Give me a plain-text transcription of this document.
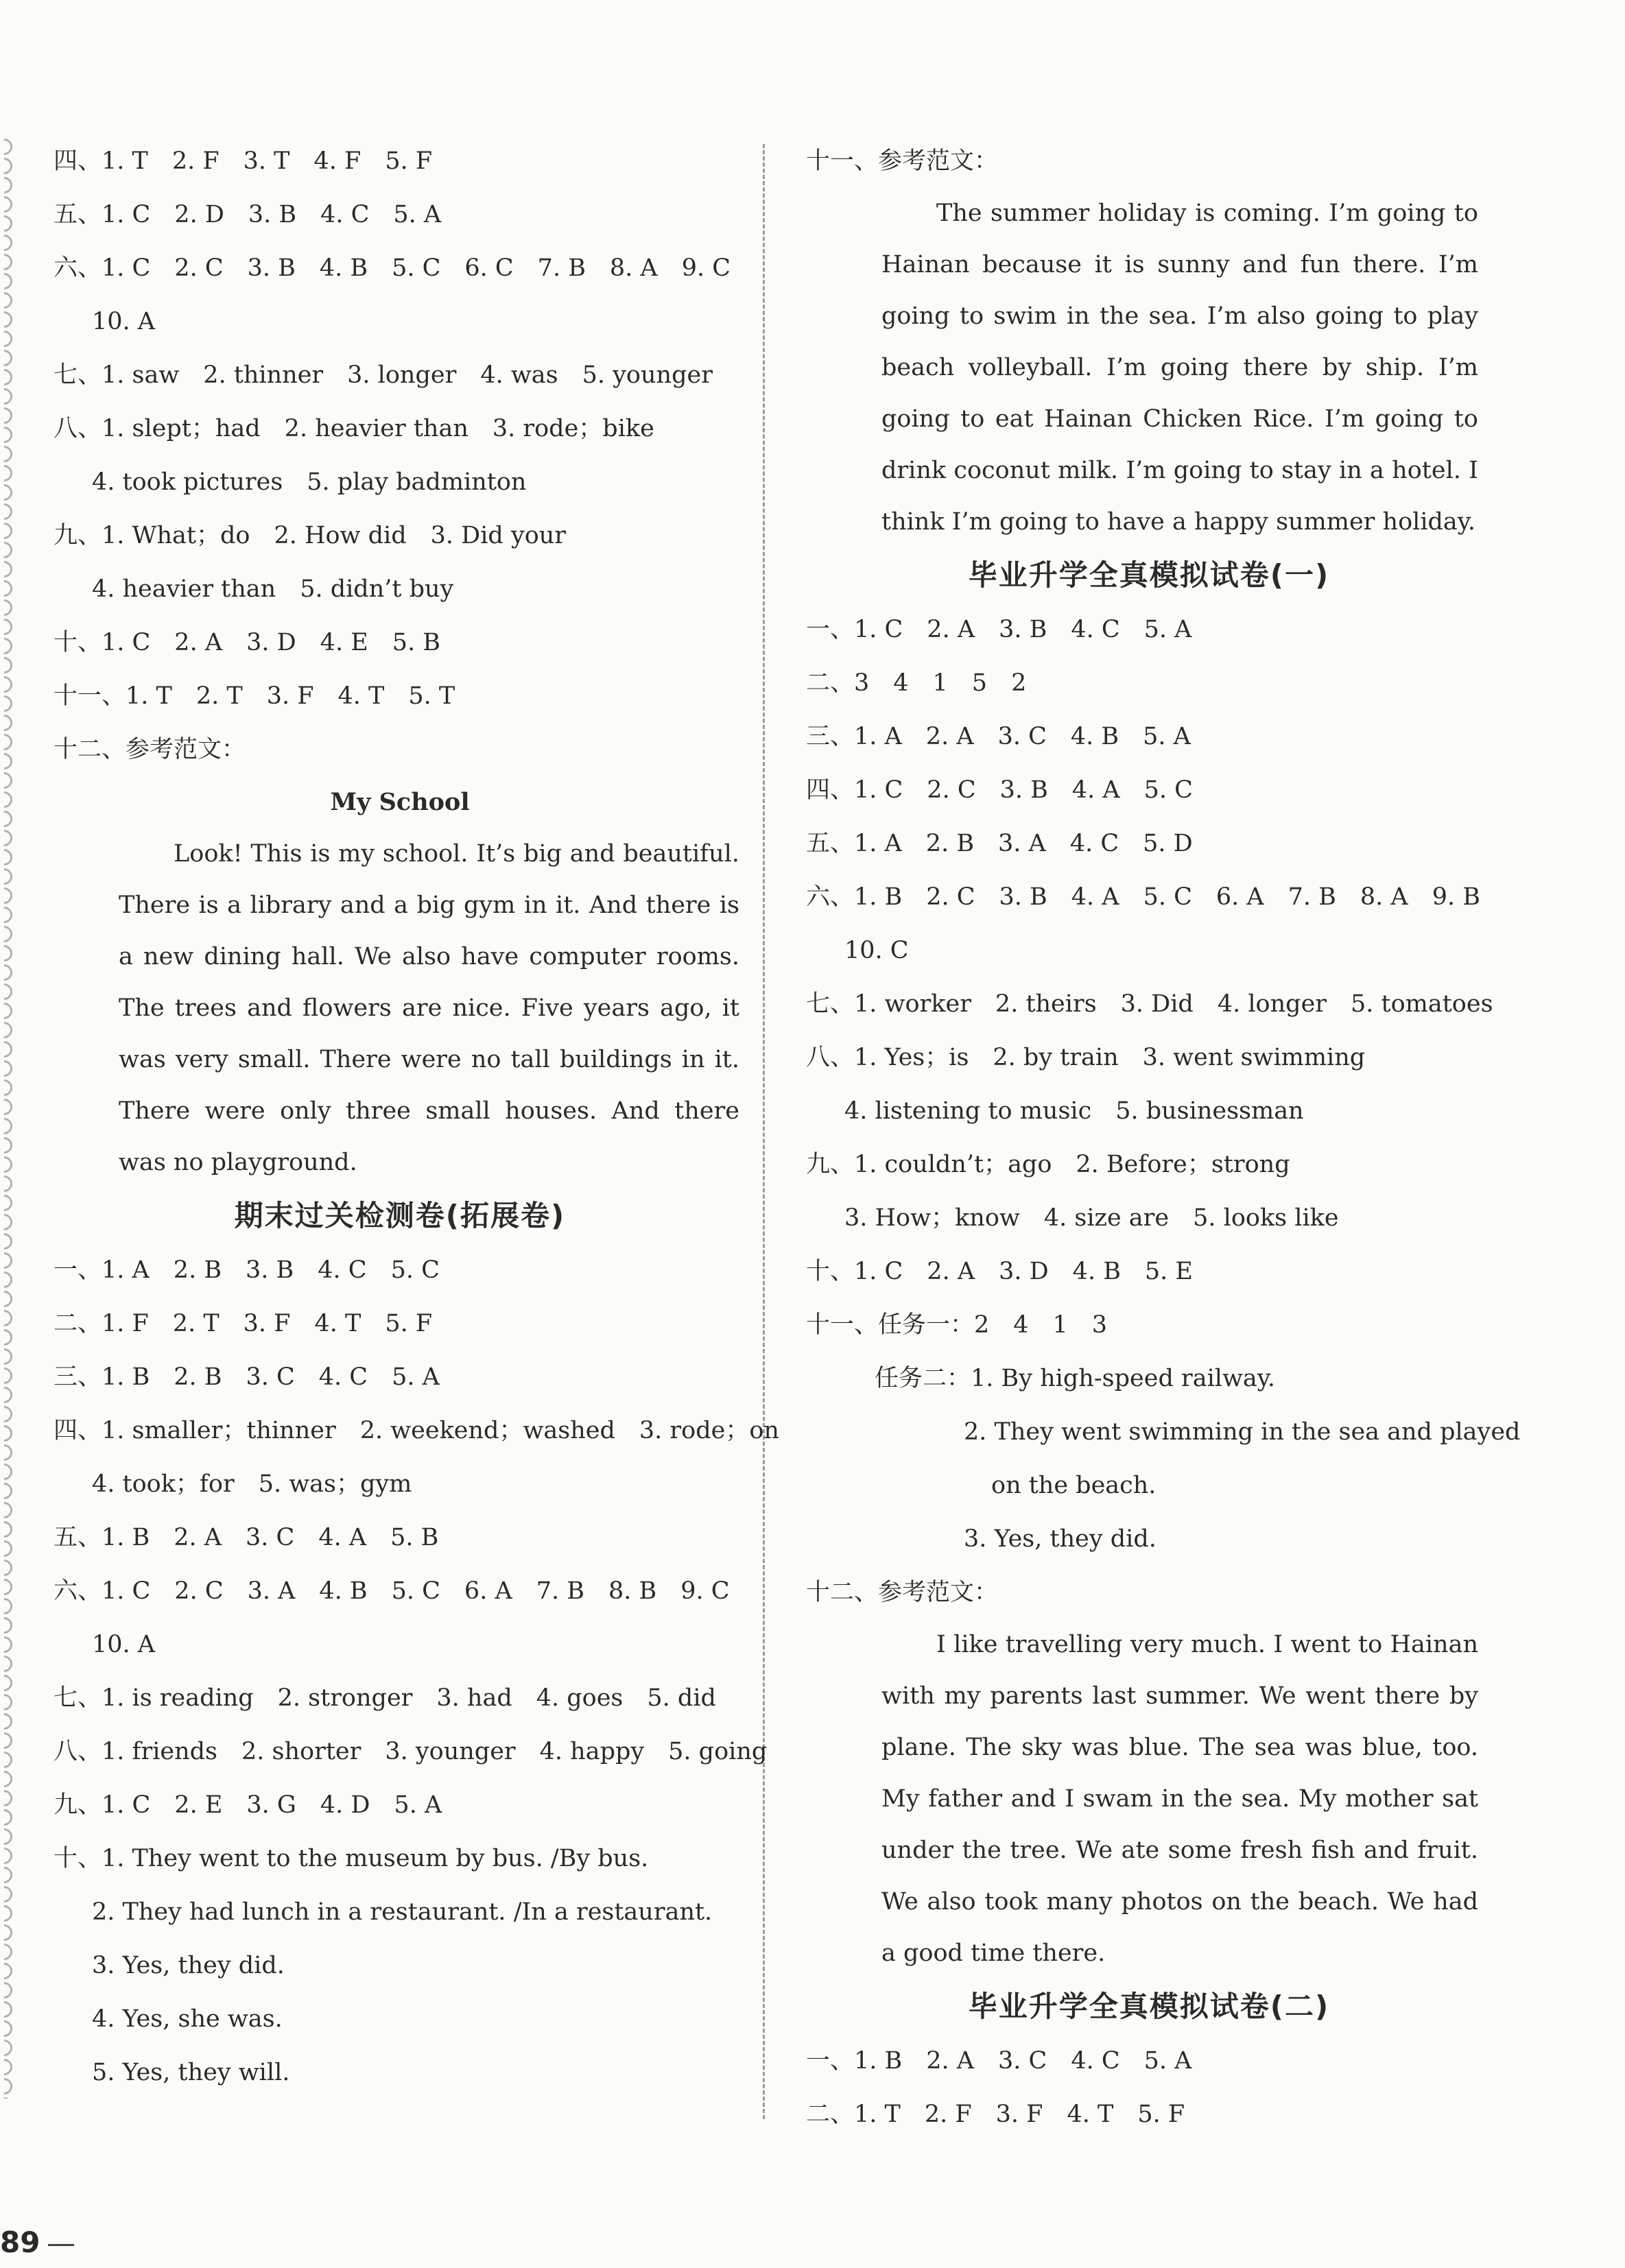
四、1. T　2. F　3. T　4. F　5. F
五、1. C　2. D　3. B　4. C　5. A
六、1. C　2. C　3. B　4. B　5. C　6. C　7. B　8. A　9. C
10. A
七、1. saw　2. thinner　3. longer　4. was　5. younger
八、1. slept；had　2. heavier than　3. rode；bike
4. took pictures　5. play badminton
九、1. What；do　2. How did　3. Did your
4. heavier than　5. didn’t buy
十、1. C　2. A　3. D　4. E　5. B
十一、1. T　2. T　3. F　4. T　5. T
十二、参考范文：
My School

Look! This is my school. It’s big and beautiful. There is a library and a big gym in it. And there is a new dining hall. We also have computer rooms. The trees and flowers are nice. Five years ago, it was very small. There were no tall buildings in it. There were only three small houses. And there was no playground.

期末过关检测卷(拓展卷)
一、1. A　2. B　3. B　4. C　5. C
二、1. F　2. T　3. F　4. T　5. F
三、1. B　2. B　3. C　4. C　5. A
四、1. smaller；thinner　2. weekend；washed　3. rode；on
4. took；for　5. was；gym
五、1. B　2. A　3. C　4. A　5. B
六、1. C　2. C　3. A　4. B　5. C　6. A　7. B　8. B　9. C
10. A
七、1. is reading　2. stronger　3. had　4. goes　5. did
八、1. friends　2. shorter　3. younger　4. happy　5. going
九、1. C　2. E　3. G　4. D　5. A
十、1. They went to the museum by bus. /By bus.
2. They had lunch in a restaurant. /In a restaurant.
3. Yes, they did.
4. Yes, she was.
5. Yes, they will.
十一、参考范文：

The summer holiday is coming. I’m going to Hainan because it is sunny and fun there. I’m going to swim in the sea. I’m also going to play beach volleyball. I’m going there by ship. I’m going to eat Hainan Chicken Rice. I’m going to drink coconut milk. I’m going to stay in a hotel. I think I’m going to have a happy summer holiday.

毕业升学全真模拟试卷(一)
一、1. C　2. A　3. B　4. C　5. A
二、3　4　1　5　2
三、1. A　2. A　3. C　4. B　5. A
四、1. C　2. C　3. B　4. A　5. C
五、1. A　2. B　3. A　4. C　5. D
六、1. B　2. C　3. B　4. A　5. C　6. A　7. B　8. A　9. B
10. C
七、1. worker　2. theirs　3. Did　4. longer　5. tomatoes
八、1. Yes；is　2. by train　3. went swimming
4. listening to music　5. businessman
九、1. couldn’t；ago　2. Before；strong
3. How；know　4. size are　5. looks like
十、1. C　2. A　3. D　4. B　5. E
十一、任务一：2　4　1　3
任务二：1. By high-speed railway.
2. They went swimming in the sea and played
on the beach.
3. Yes, they did.
十二、参考范文：

I like travelling very much. I went to Hainan with my parents last summer. We went there by plane. The sky was blue. The sea was blue, too. My father and I swam in the sea. My mother sat under the tree. We ate some fresh fish and fruit. We also took many photos on the beach. We had a good time there.

毕业升学全真模拟试卷(二)
一、1. B　2. A　3. C　4. C　5. A
二、1. T　2. F　3. F　4. T　5. F
89
